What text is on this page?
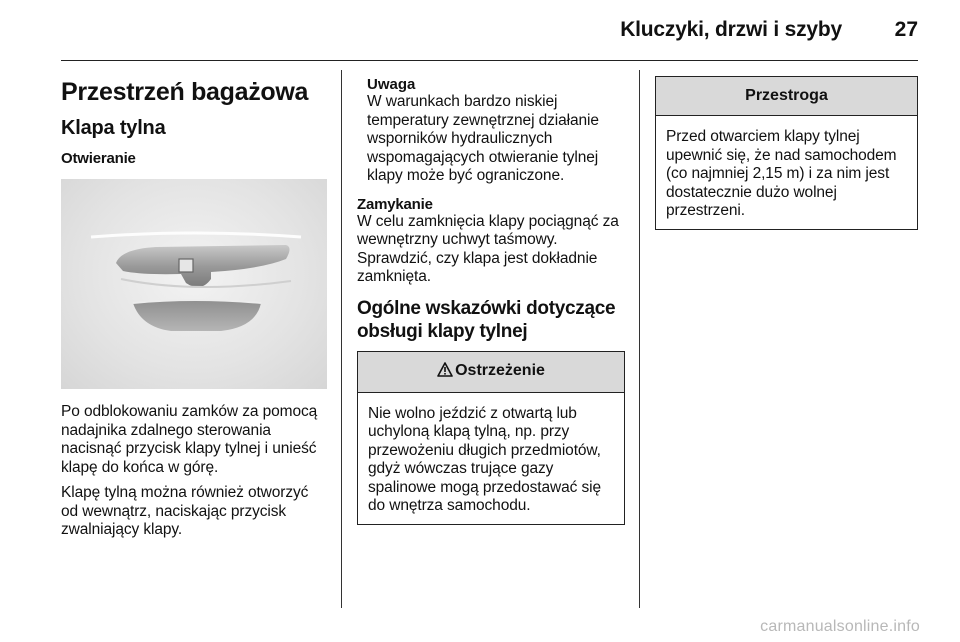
Kluczyki, drzwi i szyby	27
Przestrzeń bagażowa
Klapa tylna
Otwieranie

Po odblokowaniu zamków za pomocą nadajnika zdalnego sterowania nacisnąć przycisk klapy tylnej i unieść klapę do końca w górę.

Klapę tylną można również otworzyć od wewnątrz, naciskając przycisk zwalniający klapy.

Uwaga

W warunkach bardzo niskiej temperatury zewnętrznej działanie wsporników hydraulicznych wspomagających otwieranie tylnej klapy może być ograniczone.

Zamykanie

W celu zamknięcia klapy pociągnąć za wewnętrzny uchwyt taśmowy. Sprawdzić, czy klapa jest dokładnie zamknięta.

Ogólne wskazówki dotyczące obsługi klapy tylnej
Ostrzeżenie

Nie wolno jeździć z otwartą lub uchyloną klapą tylną, np. przy przewożeniu długich przedmiotów, gdyż wówczas trujące gazy spalinowe mogą przedostawać się do wnętrza samochodu.

Przestroga

Przed otwarciem klapy tylnej upewnić się, że nad samochodem (co najmniej 2,15 m) i za nim jest dostatecznie dużo wolnej przestrzeni.

carmanualsonline.info
